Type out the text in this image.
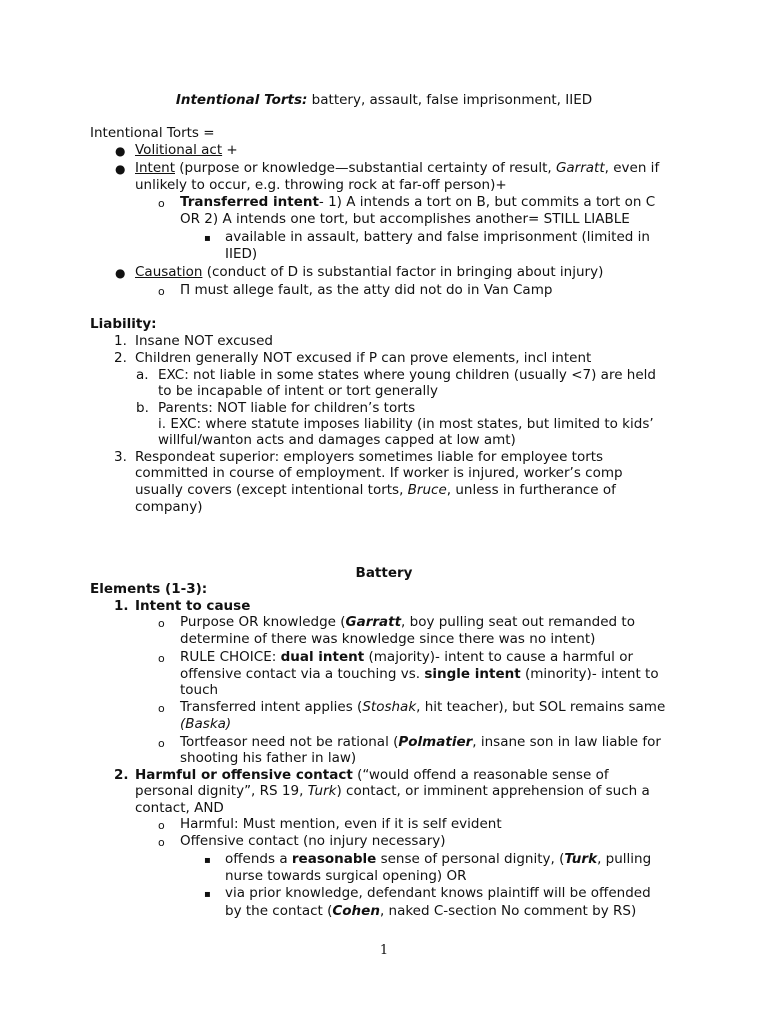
Intentional Torts: battery, assault, false imprisonment, IIED
Intentional Torts =
● Volitional act +
● Intent (purpose or knowledge—substantial certainty of result, Garratt, even if
unlikely to occur, e.g. throwing rock at far-off person)+
o Transferred intent- 1) A intends a tort on B, but commits a tort on C
OR 2) A intends one tort, but accomplishes another= STILL LIABLE
▪ available in assault, battery and false imprisonment (limited in
IIED)
● Causation (conduct of D is substantial factor in bringing about injury)
o Π must allege fault, as the atty did not do in Van Camp
Liability:
1. Insane NOT excused
2. Children generally NOT excused if P can prove elements, incl intent
a. EXC: not liable in some states where young children (usually <7) are held
to be incapable of intent or tort generally
b. Parents: NOT liable for children’s torts
i. EXC: where statute imposes liability (in most states, but limited to kids’
willful/wanton acts and damages capped at low amt)
3. Respondeat superior: employers sometimes liable for employee torts
committed in course of employment. If worker is injured, worker’s comp
usually covers (except intentional torts, Bruce, unless in furtherance of
company)
Battery
Elements (1-3):
1. Intent to cause
o Purpose OR knowledge (Garratt, boy pulling seat out remanded to
determine of there was knowledge since there was no intent)
o RULE CHOICE: dual intent (majority)- intent to cause a harmful or
offensive contact via a touching vs. single intent (minority)- intent to
touch
o Transferred intent applies (Stoshak, hit teacher), but SOL remains same
(Baska)
o Tortfeasor need not be rational (Polmatier, insane son in law liable for
shooting his father in law)
2. Harmful or offensive contact (“would offend a reasonable sense of
personal dignity”, RS 19, Turk) contact, or imminent apprehension of such a
contact, AND
o Harmful: Must mention, even if it is self evident
o Offensive contact (no injury necessary)
▪ offends a reasonable sense of personal dignity, (Turk, pulling
nurse towards surgical opening) OR
▪ via prior knowledge, defendant knows plaintiff will be offended
by the contact (Cohen, naked C-section No comment by RS)
1
